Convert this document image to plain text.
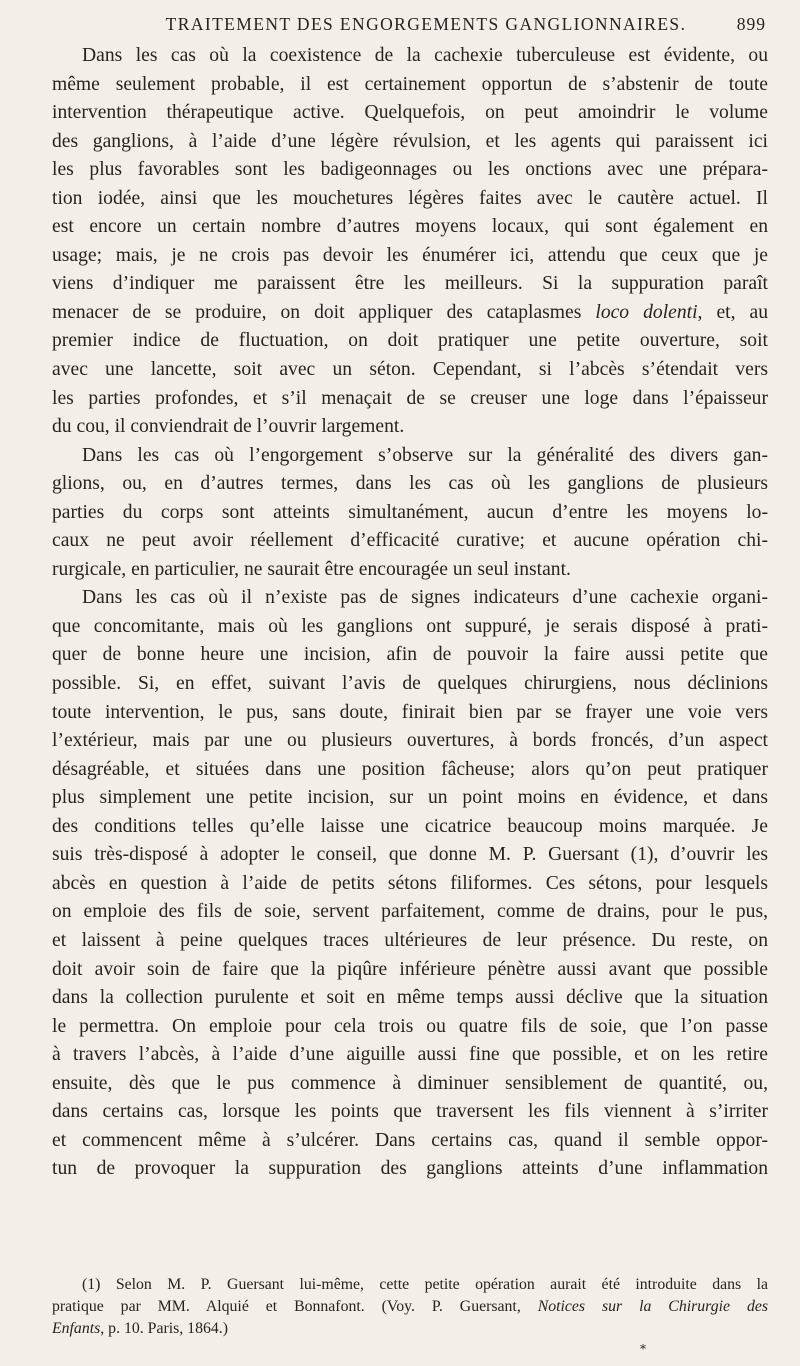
TRAITEMENT DES ENGORGEMENTS GANGLIONNAIRES.	899
Dans les cas où la coexistence de la cachexie tuberculeuse est évidente, ou
même seulement probable, il est certainement opportun de s’abstenir de toute
intervention thérapeutique active. Quelquefois, on peut amoindrir le volume
des ganglions, à l’aide d’une légère révulsion, et les agents qui paraissent ici
les plus favorables sont les badigeonnages ou les onctions avec une prépara-
tion iodée, ainsi que les mouchetures légères faites avec le cautère actuel. Il
est encore un certain nombre d’autres moyens locaux, qui sont également en
usage; mais, je ne crois pas devoir les énumérer ici, attendu que ceux que je
viens d’indiquer me paraissent être les meilleurs. Si la suppuration paraît
menacer de se produire, on doit appliquer des cataplasmes loco dolenti, et, au
premier indice de fluctuation, on doit pratiquer une petite ouverture, soit
avec une lancette, soit avec un séton. Cependant, si l’abcès s’étendait vers
les parties profondes, et s’il menaçait de se creuser une loge dans l’épaisseur
du cou, il conviendrait de l’ouvrir largement.
Dans les cas où l’engorgement s’observe sur la généralité des divers gan-
glions, ou, en d’autres termes, dans les cas où les ganglions de plusieurs
parties du corps sont atteints simultanément, aucun d’entre les moyens lo-
caux ne peut avoir réellement d’efficacité curative; et aucune opération chi-
rurgicale, en particulier, ne saurait être encouragée un seul instant.
Dans les cas où il n’existe pas de signes indicateurs d’une cachexie organi-
que concomitante, mais où les ganglions ont suppuré, je serais disposé à prati-
quer de bonne heure une incision, afin de pouvoir la faire aussi petite que
possible. Si, en effet, suivant l’avis de quelques chirurgiens, nous déclinions
toute intervention, le pus, sans doute, finirait bien par se frayer une voie vers
l’extérieur, mais par une ou plusieurs ouvertures, à bords froncés, d’un aspect
désagréable, et situées dans une position fâcheuse; alors qu’on peut pratiquer
plus simplement une petite incision, sur un point moins en évidence, et dans
des conditions telles qu’elle laisse une cicatrice beaucoup moins marquée. Je
suis très-disposé à adopter le conseil, que donne M. P. Guersant (1), d’ouvrir les
abcès en question à l’aide de petits sétons filiformes. Ces sétons, pour lesquels
on emploie des fils de soie, servent parfaitement, comme de drains, pour le pus,
et laissent à peine quelques traces ultérieures de leur présence. Du reste, on
doit avoir soin de faire que la piqûre inférieure pénètre aussi avant que possible
dans la collection purulente et soit en même temps aussi déclive que la situation
le permettra. On emploie pour cela trois ou quatre fils de soie, que l’on passe
à travers l’abcès, à l’aide d’une aiguille aussi fine que possible, et on les retire
ensuite, dès que le pus commence à diminuer sensiblement de quantité, ou,
dans certains cas, lorsque les points que traversent les fils viennent à s’irriter
et commencent même à s’ulcérer. Dans certains cas, quand il semble oppor-
tun de provoquer la suppuration des ganglions atteints d’une inflammation
(1) Selon M. P. Guersant lui-même, cette petite opération aurait été introduite dans la
pratique par MM. Alquié et Bonnafont. (Voy. P. Guersant, Notices sur la Chirurgie des
Enfants, p. 10. Paris, 1864.)
*
